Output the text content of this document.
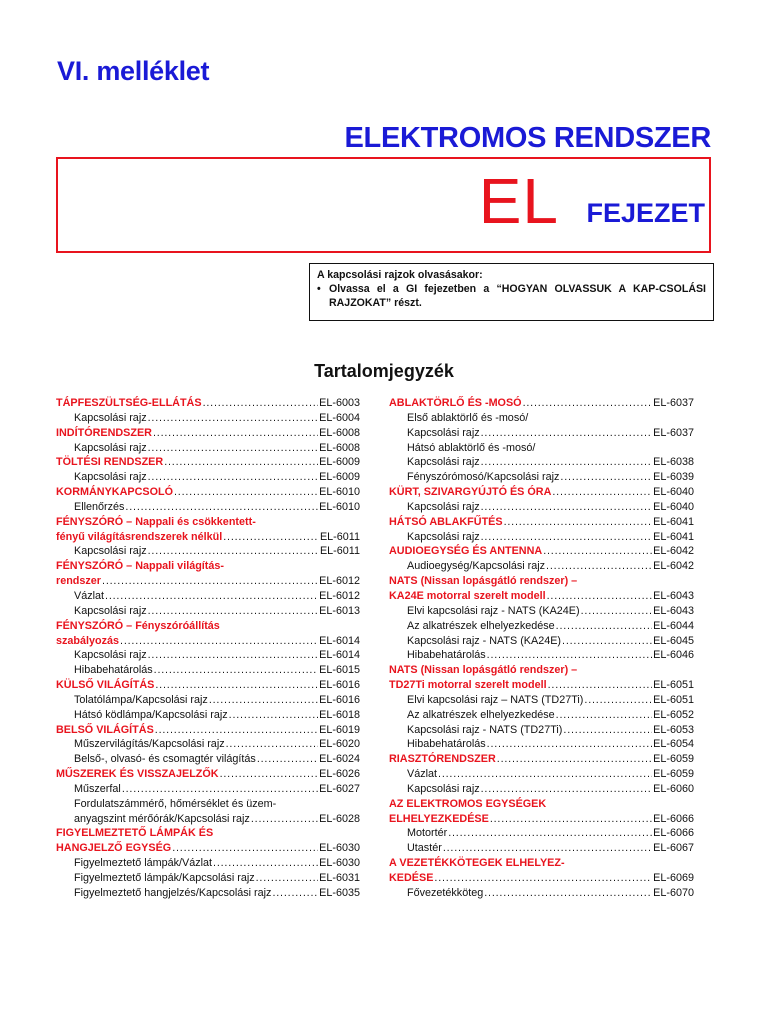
VI. melléklet
ELEKTROMOS RENDSZER
EL FEJEZET
A kapcsolási rajzok olvasásakor:
• Olvassa el a GI fejezetben a “HOGYAN OLVASSUK A KAP-CSOLÁSI RAJZOKAT” részt.
Tartalomjegyzék
TÁPFESZÜLTSÉG-ELLÁTÁS . . .	EL-6003
Kapcsolási rajz . . .	EL-6004
INDÍTÓRENDSZER . . .	EL-6008
Kapcsolási rajz . . .	EL-6008
TÖLTÉSI RENDSZER . . .	EL-6009
Kapcsolási rajz . . .	EL-6009
KORMÁNYKAPCSOLÓ . . .	EL-6010
Ellenőrzés . . .	EL-6010
FÉNYSZÓRÓ – Nappali és csökkentett-
fényű világításrendszerek nélkül . . .	EL-6011
Kapcsolási rajz . . .	EL-6011
FÉNYSZÓRÓ – Nappali világítás-
rendszer . . .	EL-6012
Vázlat . . .	EL-6012
Kapcsolási rajz . . .	EL-6013
FÉNYSZÓRÓ – Fényszóróállítás
szabályozás . . .	EL-6014
Kapcsolási rajz . . .	EL-6014
Hibabehatárolás . . .	EL-6015
KÜLSŐ VILÁGÍTÁS . . .	EL-6016
Tolatólámpa/Kapcsolási rajz . . .	EL-6016
Hátsó ködlámpa/Kapcsolási rajz . . .	EL-6018
BELSŐ VILÁGÍTÁS . . .	EL-6019
Műszervilágítás/Kapcsolási rajz . . .	EL-6020
Belső-, olvasó- és csomagtér világítás . . .	EL-6024
MŰSZEREK ÉS VISSZAJELZŐK . . .	EL-6026
Műszerfal . . .	EL-6027
Fordulatszámmérő, hőmérséklet és üzem-
anyagszint mérőórák/Kapcsolási rajz . . .	EL-6028
FIGYELMEZTETŐ LÁMPÁK ÉS
HANGJELZŐ EGYSÉG . . .	EL-6030
Figyelmeztető lámpák/Vázlat . . .	EL-6030
Figyelmeztető lámpák/Kapcsolási rajz . . .	EL-6031
Figyelmeztető hangjelzés/Kapcsolási rajz . . .	EL-6035
ABLAKTÖRLŐ ÉS -MOSÓ . . .	EL-6037
Első ablaktörlő és -mosó/
Kapcsolási rajz . . .	EL-6037
Hátsó ablaktörlő és -mosó/
Kapcsolási rajz . . .	EL-6038
Fényszórómosó/Kapcsolási rajz . . .	EL-6039
KÜRT, SZIVARGYÚJTÓ ÉS ÓRA . . .	EL-6040
Kapcsolási rajz . . .	EL-6040
HÁTSÓ ABLAKFŰTÉS . . .	EL-6041
Kapcsolási rajz . . .	EL-6041
AUDIOEGYSÉG ÉS ANTENNA . . .	EL-6042
Audioegység/Kapcsolási rajz . . .	EL-6042
NATS (Nissan lopásgátló rendszer) –
KA24E motorral szerelt modell . . .	EL-6043
Elvi kapcsolási rajz - NATS (KA24E) . . .	EL-6043
Az alkatrészek elhelyezkedése . . .	EL-6044
Kapcsolási rajz - NATS (KA24E) . . .	EL-6045
Hibabehatárolás . . .	EL-6046
NATS (Nissan lopásgátló rendszer) –
TD27Ti motorral szerelt modell . . .	EL-6051
Elvi kapcsolási rajz – NATS (TD27Ti) . . .	EL-6051
Az alkatrészek elhelyezkedése . . .	EL-6052
Kapcsolási rajz - NATS (TD27Ti) . . .	EL-6053
Hibabehatárolás . . .	EL-6054
RIASZTÓRENDSZER . . .	EL-6059
Vázlat . . .	EL-6059
Kapcsolási rajz . . .	EL-6060
AZ ELEKTROMOS EGYSÉGEK
ELHELYEZKEDÉSE . . .	EL-6066
Motortér . . .	EL-6066
Utastér . . .	EL-6067
A VEZETÉKKÖTEGEK ELHELYEZ-
KEDÉSE . . .	EL-6069
Fővezetékköteg . . .	EL-6070
